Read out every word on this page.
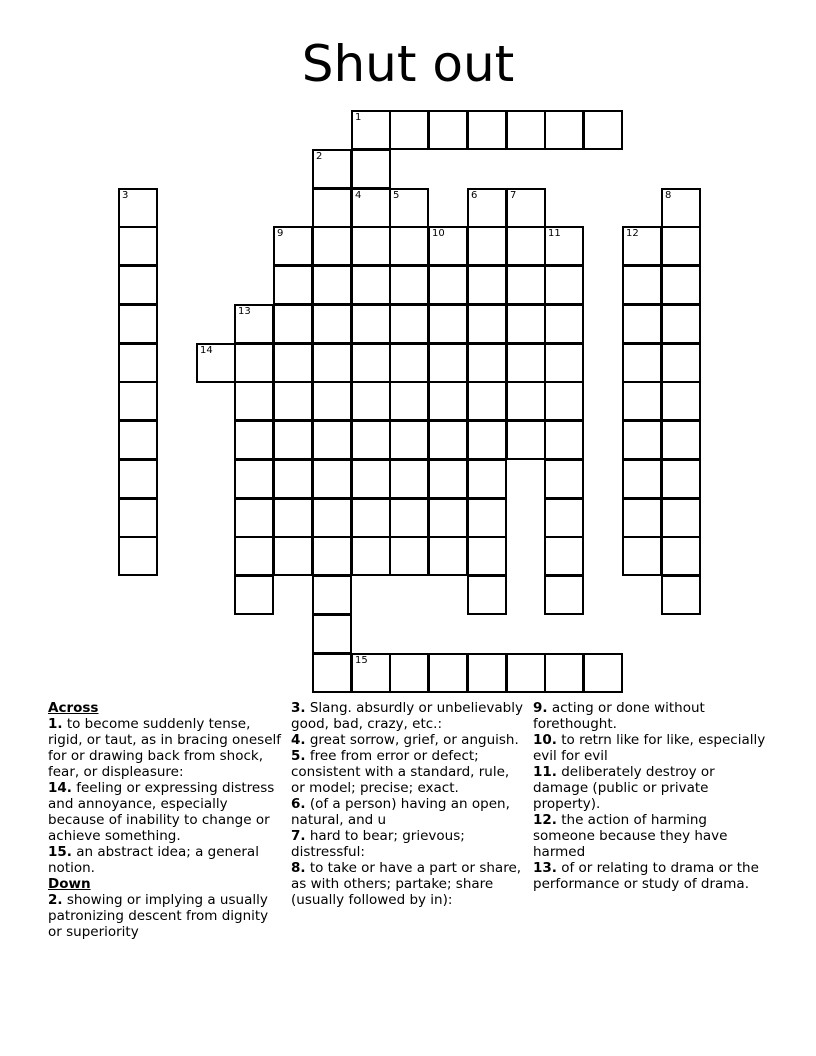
Shut out
1
2
3	4	5	6	7	8
9	10	11	12
13
14
15
Across
1. to become suddenly tense, rigid, or taut, as in bracing oneself for or drawing back from shock, fear, or displeasure:
14. feeling or expressing distress and annoyance, especially because of inability to change or achieve something.
15. an abstract idea; a general notion.
Down
2. showing or implying a usually patronizing descent from dignity or superiority
3. Slang. absurdly or unbelievably good, bad, crazy, etc.:
4. great sorrow, grief, or anguish.
5. free from error or defect; consistent with a standard, rule, or model; precise; exact.
6. (of a person) having an open, natural, and u
7. hard to bear; grievous; distressful:
8. to take or have a part or share, as with others; partake; share (usually followed by in):
9. acting or done without forethought.
10. to retrn like for like, especially evil for evil
11. deliberately destroy or damage (public or private property).
12. the action of harming someone because they have harmed
13. of or relating to drama or the performance or study of drama.
